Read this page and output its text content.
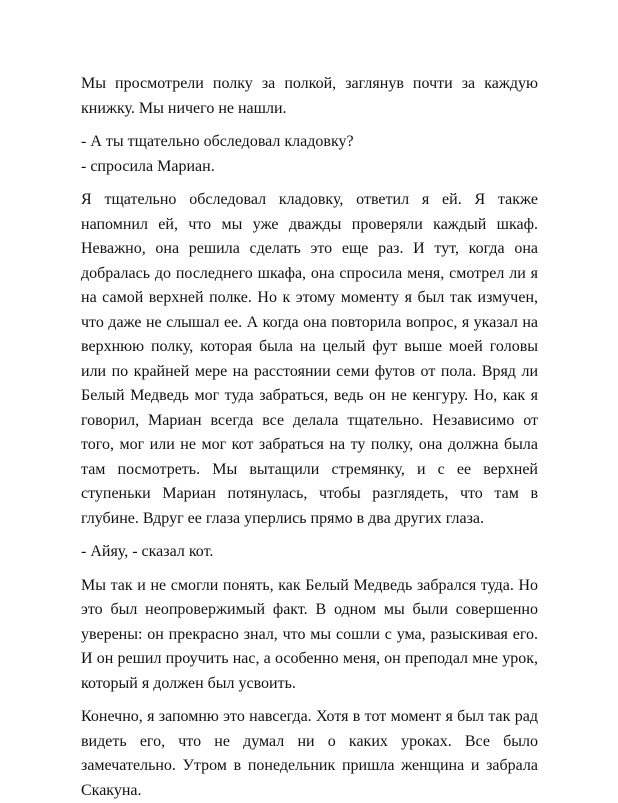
Мы просмотрели полку за полкой, заглянув почти за каждую книжку. Мы ничего не нашли.

- А ты тщательно обследовал кладовку?

- спросила Мариан.

Я тщательно обследовал кладовку, ответил я ей. Я также напомнил ей, что мы уже дважды проверяли каждый шкаф. Неважно, она решила сделать это еще раз. И тут, когда она добралась до последнего шкафа, она спросила меня, смотрел ли я на самой верхней полке. Но к этому моменту я был так измучен, что даже не слышал ее. А когда она повторила вопрос, я указал на верхнюю полку, которая была на целый фут выше моей головы или по крайней мере на расстоянии семи футов от пола. Вряд ли Белый Медведь мог туда забраться, ведь он не кенгуру. Но, как я говорил, Мариан всегда все делала тщательно. Независимо от того, мог или не мог кот забраться на ту полку, она должна была там посмотреть. Мы вытащили стремянку, и с ее верхней ступеньки Мариан потянулась, чтобы разглядеть, что там в глубине. Вдруг ее глаза уперлись прямо в два других глаза.

- Айяу, - сказал кот.

Мы так и не смогли понять, как Белый Медведь забрался туда. Но это был неопровержимый факт. В одном мы были совершенно уверены: он прекрасно знал, что мы сошли с ума, разыскивая его. И он решил проучить нас, а особенно меня, он преподал мне урок, который я должен был усвоить.

Конечно, я запомню это навсегда. Хотя в тот момент я был так рад видеть его, что не думал ни о каких уроках. Все было замечательно. Утром в понедельник пришла женщина и забрала Скакуна.
